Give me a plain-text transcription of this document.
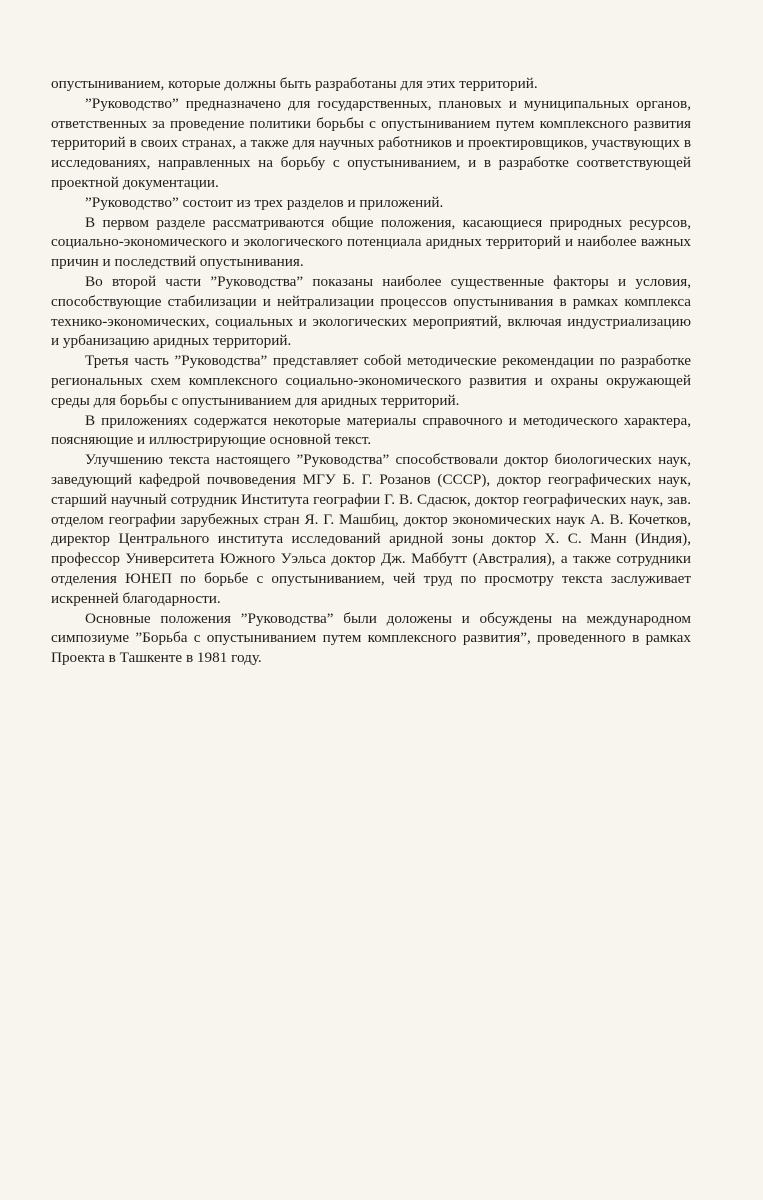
опустыниванием, которые должны быть разработаны для этих территорий.

”Руководство” предназначено для государственных, плановых и муниципальных органов, ответственных за проведение политики борьбы с опустыниванием путем комплексного развития территорий в своих странах, а также для научных работников и проектировщиков, участвующих в исследованиях, направленных на борьбу с опустыниванием, и в разработке соответствующей проектной документации.

”Руководство” состоит из трех разделов и приложений.

В первом разделе рассматриваются общие положения, касающиеся природных ресурсов, социально-экономического и экологического потенциала аридных территорий и наиболее важных причин и последствий опустынивания.

Во второй части ”Руководства” показаны наиболее существенные факторы и условия, способствующие стабилизации и нейтрализации процессов опустынивания в рамках комплекса технико-экономических, социальных и экологических мероприятий, включая индустриализацию и урбанизацию аридных территорий.

Третья часть ”Руководства” представляет собой методические рекомендации по разработке региональных схем комплексного социально-экономического развития и охраны окружающей среды для борьбы с опустыниванием для аридных территорий.

В приложениях содержатся некоторые материалы справочного и методического характера, поясняющие и иллюстрирующие основной текст.

Улучшению текста настоящего ”Руководства” способствовали доктор биологических наук, заведующий кафедрой почвоведения МГУ Б. Г. Розанов (СССР), доктор географических наук, старший научный сотрудник Института географии Г. В. Сдасюк, доктор географических наук, зав. отделом географии зарубежных стран Я. Г. Машбиц, доктор экономических наук А. В. Кочетков, директор Центрального института исследований аридной зоны доктор Х. С. Манн (Индия), профессор Университета Южного Уэльса доктор Дж. Маббутт (Австралия), а также сотрудники отделения ЮНЕП по борьбе с опустыниванием, чей труд по просмотру текста заслуживает искренней благодарности.

Основные положения ”Руководства” были доложены и обсуждены на международном симпозиуме ”Борьба с опустыниванием путем комплексного развития”, проведенного в рамках Проекта в Ташкенте в 1981 году.
